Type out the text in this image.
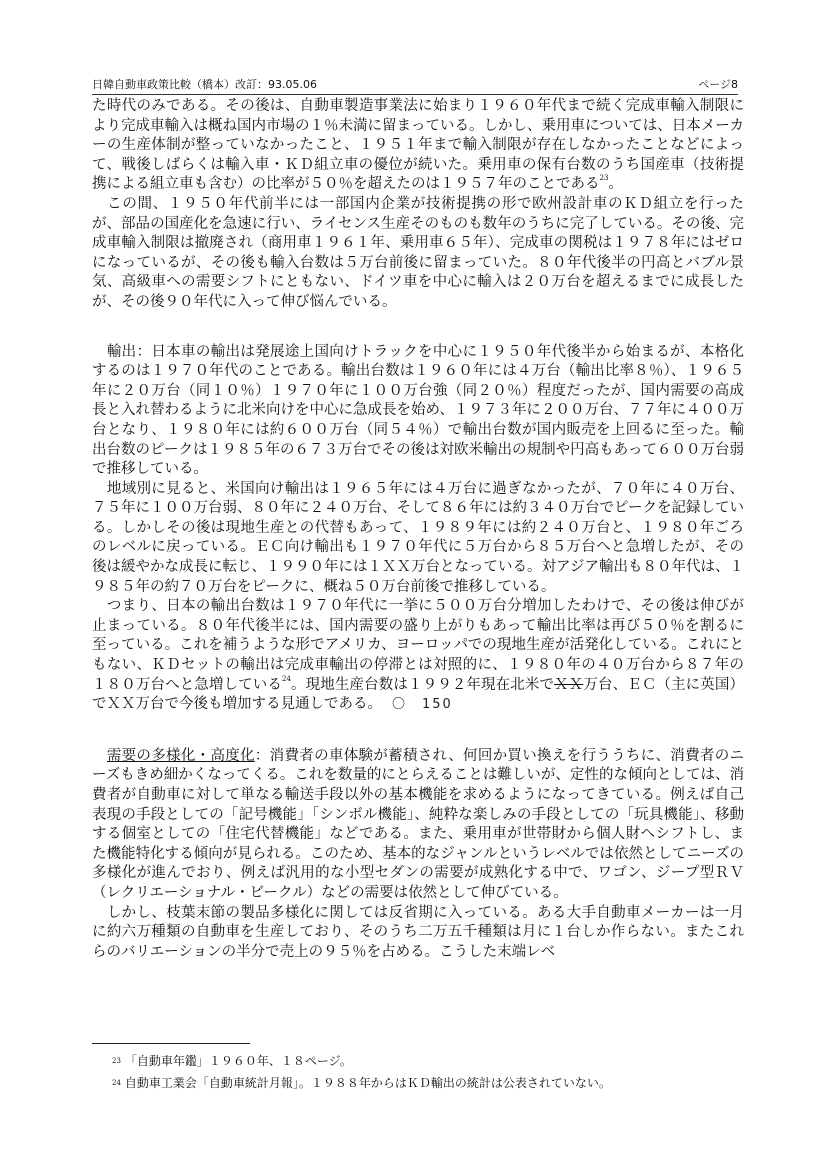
日韓自動車政策比較（橋本）改訂：93.05.06	ページ8

た時代のみである。その後は、自動車製造事業法に始まり１９６０年代まで続く完成車輸入制限により完成車輸入は概ね国内市場の１％未満に留まっている。しかし、乗用車については、日本メーカーの生産体制が整っていなかったこと、１９５１年まで輸入制限が存在しなかったことなどによって、戦後しばらくは輸入車・ＫＤ組立車の優位が続いた。乗用車の保有台数のうち国産車（技術提携による組立車も含む）の比率が５０％を超えたのは１９５７年のことである$^{23}$。

　この間、１９５０年代前半には一部国内企業が技術提携の形で欧州設計車のＫＤ組立を行ったが、部品の国産化を急速に行い、ライセンス生産そのものも数年のうちに完了している。その後、完成車輸入制限は撤廃され（商用車１９６１年、乗用車６５年）、完成車の関税は１９７８年にはゼロになっているが、その後も輸入台数は５万台前後に留まっていた。８０年代後半の円高とバブル景気、高級車への需要シフトにともない、ドイツ車を中心に輸入は２０万台を超えるまでに成長したが、その後９０年代に入って伸び悩んでいる。

　輸出：日本車の輸出は発展途上国向けトラックを中心に１９５０年代後半から始まるが、本格化するのは１９７０年代のことである。輸出台数は１９６０年には４万台（輸出比率８％）、１９６５年に２０万台（同１０％）１９７０年に１００万台強（同２０％）程度だったが、国内需要の高成長と入れ替わるように北米向けを中心に急成長を始め、１９７３年に２００万台、７７年に４００万台となり、１９８０年には約６００万台（同５４％）で輸出台数が国内販売を上回るに至った。輸出台数のピークは１９８５年の６７３万台でその後は対欧米輸出の規制や円高もあって６００万台弱で推移している。

　地域別に見ると、米国向け輸出は１９６５年には４万台に過ぎなかったが、７０年に４０万台、７５年に１００万台弱、８０年に２４０万台、そして８６年には約３４０万台でピークを記録している。しかしその後は現地生産との代替もあって、１９８９年には約２４０万台と、１９８０年ごろのレベルに戻っている。ＥＣ向け輸出も１９７０年代に５万台から８５万台へと急増したが、その後は緩やかな成長に転じ、１９９０年には１ＸＸ万台となっている。対アジア輸出も８０年代は、１９８５年の約７０万台をピークに、概ね５０万台前後で推移している。

　つまり、日本の輸出台数は１９７０年代に一挙に５００万台分増加したわけで、その後は伸びが止まっている。８０年代後半には、国内需要の盛り上がりもあって輸出比率は再び５０％を割るに至っている。これを補うような形でアメリカ、ヨーロッパでの現地生産が活発化している。これにともない、ＫＤセットの輸出は完成車輸出の停滞とは対照的に、１９８０年の４０万台から８７年の１８０万台へと急増している$^{24}$。現地生産台数は１９９２年現在北米でＸＸ万台、ＥＣ（主に英国）でＸＸ万台で今後も増加する見通しである。 〇　150

　需要の多様化・高度化：消費者の車体験が蓄積され、何回か買い換えを行ううちに、消費者のニーズもきめ細かくなってくる。これを数量的にとらえることは難しいが、定性的な傾向としては、消費者が自動車に対して単なる輸送手段以外の基本機能を求めるようになってきている。例えば自己表現の手段としての「記号機能」「シンボル機能」、純粋な楽しみの手段としての「玩具機能」、移動する個室としての「住宅代替機能」などである。また、乗用車が世帯財から個人財へシフトし、また機能特化する傾向が見られる。このため、基本的なジャンルというレベルでは依然としてニーズの多様化が進んでおり、例えば汎用的な小型セダンの需要が成熟化する中で、ワゴン、ジープ型ＲＶ（レクリエーショナル・ビークル）などの需要は依然として伸びている。

　しかし、枝葉末節の製品多様化に関しては反省期に入っている。ある大手自動車メーカーは一月に約六万種類の自動車を生産しており、そのうち二万五千種類は月に１台しか作らない。またこれらのバリエーションの半分で売上の９５％を占める。こうした末端レベ

$^{23}$ 「自動車年鑑」１９６０年、１８ページ。

$^{24}$ 自動車工業会「自動車統計月報」。１９８８年からはＫＤ輸出の統計は公表されていない。
